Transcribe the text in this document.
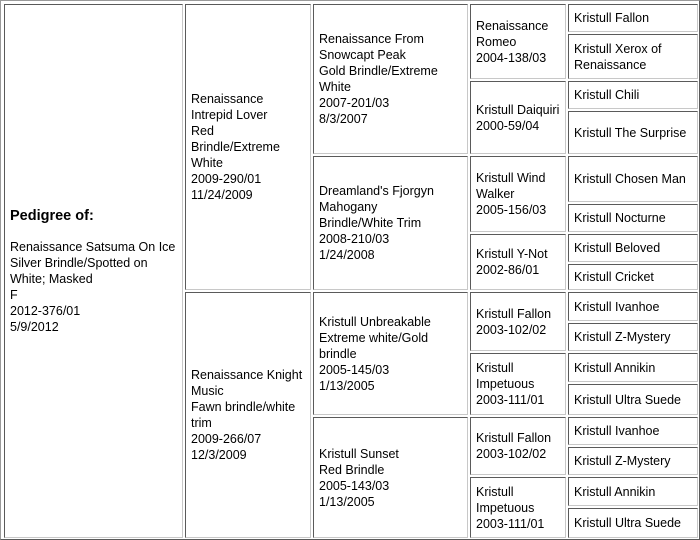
Pedigree of:
Renaissance Satsuma On Ice
Silver Brindle/Spotted on White; Masked
F
2012-376/01
5/9/2012
Renaissance Intrepid Lover
Red Brindle/Extreme White
2009-290/01
11/24/2009
Renaissance Knight Music
Fawn brindle/white trim
2009-266/07
12/3/2009
Renaissance From Snowcapt Peak
Gold Brindle/Extreme White
2007-201/03
8/3/2007
Dreamland's Fjorgyn Mahogany
Brindle/White Trim
2008-210/03
1/24/2008
Kristull Unbreakable
Extreme white/Gold brindle
2005-145/03
1/13/2005
Kristull Sunset
Red Brindle
2005-143/03
1/13/2005
Renaissance Romeo
2004-138/03
Kristull Daiquiri
2000-59/04
Kristull Wind Walker
2005-156/03
Kristull Y-Not
2002-86/01
Kristull Fallon
2003-102/02
Kristull Impetuous
2003-111/01
Kristull Fallon
2003-102/02
Kristull Impetuous
2003-111/01
Kristull Fallon
Kristull Xerox of Renaissance
Kristull Chili
Kristull The Surprise
Kristull Chosen Man
Kristull Nocturne
Kristull Beloved
Kristull Cricket
Kristull Ivanhoe
Kristull Z-Mystery
Kristull Annikin
Kristull Ultra Suede
Kristull Ivanhoe
Kristull Z-Mystery
Kristull Annikin
Kristull Ultra Suede
